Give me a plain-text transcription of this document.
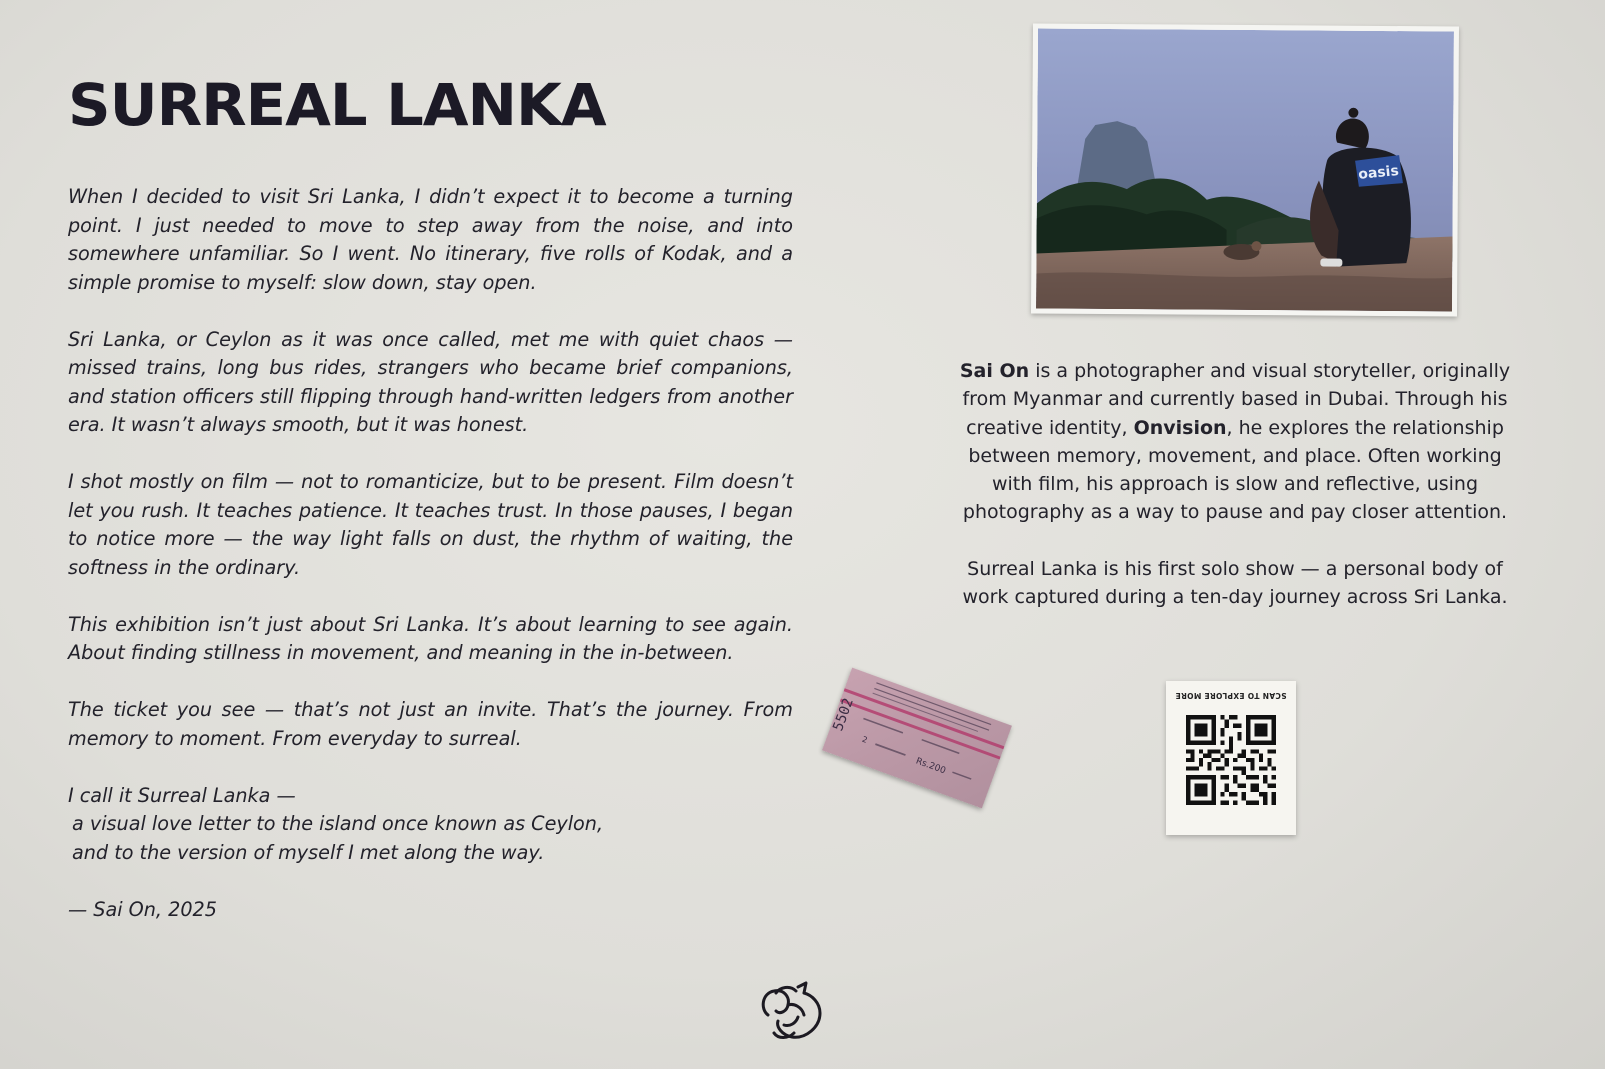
SURREAL LANKA

When I decided to visit Sri Lanka, I didn’t expect it to become a turning point. I just needed to move to step away from the noise, and into somewhere unfamiliar. So I went. No itinerary, five rolls of Kodak, and a simple promise to myself: slow down, stay open.

Sri Lanka, or Ceylon as it was once called, met me with quiet chaos — missed trains, long bus rides, strangers who became brief companions, and station officers still flipping through hand-written ledgers from another era. It wasn’t always smooth, but it was honest.

I shot mostly on film — not to romanticize, but to be present. Film doesn’t let you rush. It teaches patience. It teaches trust. In those pauses, I began to notice more — the way light falls on dust, the rhythm of waiting, the softness in the ordinary.

This exhibition isn’t just about Sri Lanka. It’s about learning to see again. About finding stillness in movement, and meaning in the in-between.

The ticket you see — that’s not just an invite. That’s the journey. From memory to moment. From everyday to surreal.

I call it Surreal Lanka —

a visual love letter to the island once known as Ceylon,
and to the version of myself I met along the way.

— Sai On, 2025

oasis

Sai On is a photographer and visual storyteller, originally from Myanmar and currently based in Dubai. Through his creative identity, Onvision, he explores the relationship between memory, movement, and place. Often working with film, his approach is slow and reflective, using photography as a way to pause and pay closer attention.

Surreal Lanka is his first solo show — a personal body of work captured during a ten-day journey across Sri Lanka.

5502
2
Rs.200
SCAN TO EXPLORE MORE
